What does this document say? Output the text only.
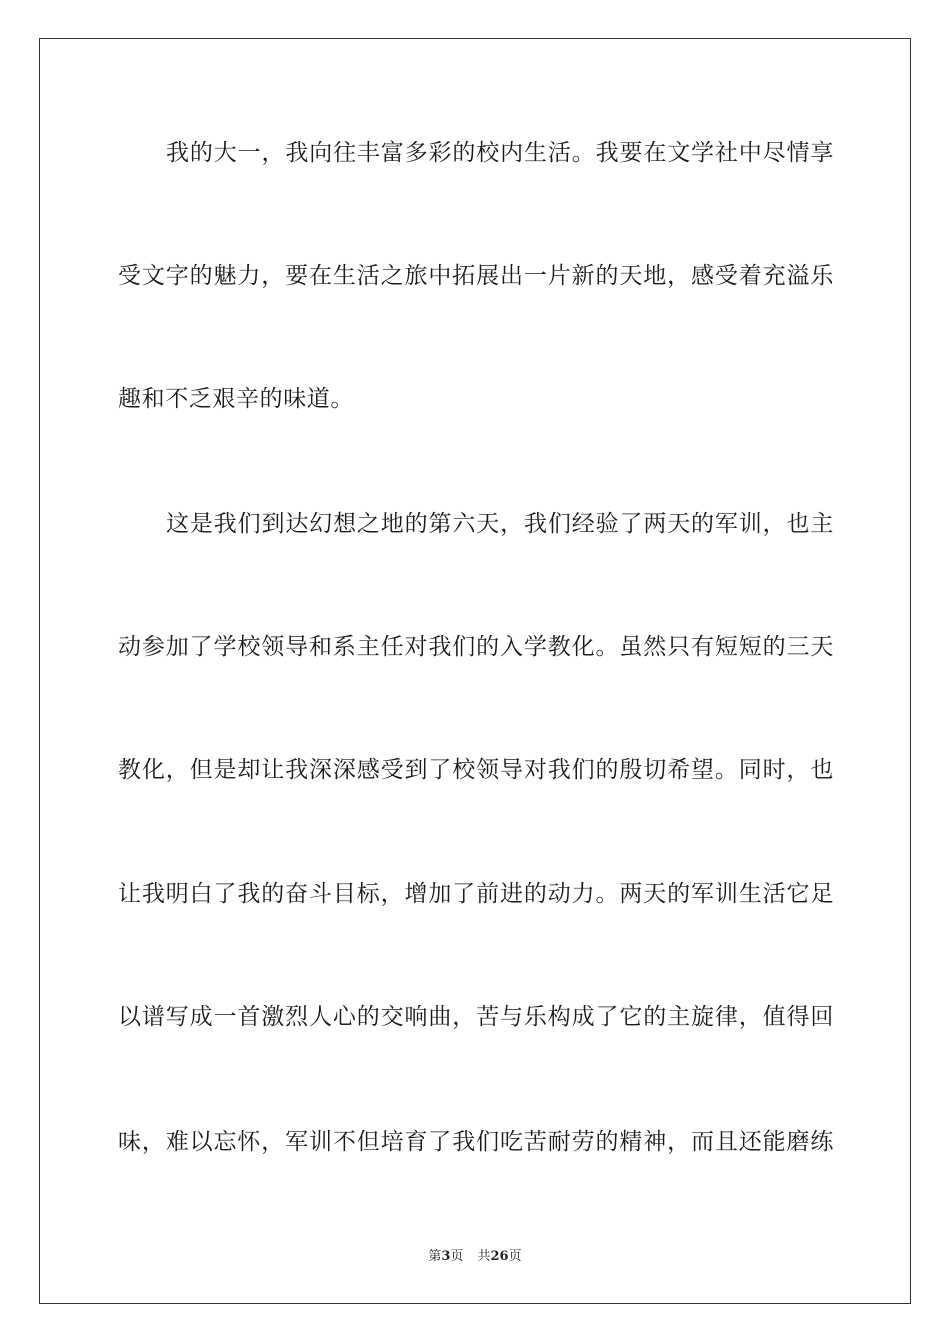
我的大一，我向往丰富多彩的校内生活。我要在文学社中尽情享
受文字的魅力，要在生活之旅中拓展出一片新的天地，感受着充溢乐
趣和不乏艰辛的味道。
这是我们到达幻想之地的第六天，我们经验了两天的军训，也主
动参加了学校领导和系主任对我们的入学教化。虽然只有短短的三天
教化，但是却让我深深感受到了校领导对我们的殷切希望。同时，也
让我明白了我的奋斗目标，增加了前进的动力。两天的军训生活它足
以谱写成一首激烈人心的交响曲，苦与乐构成了它的主旋律，值得回
味，难以忘怀，军训不但培育了我们吃苦耐劳的精神，而且还能磨练
第3页 共26页
